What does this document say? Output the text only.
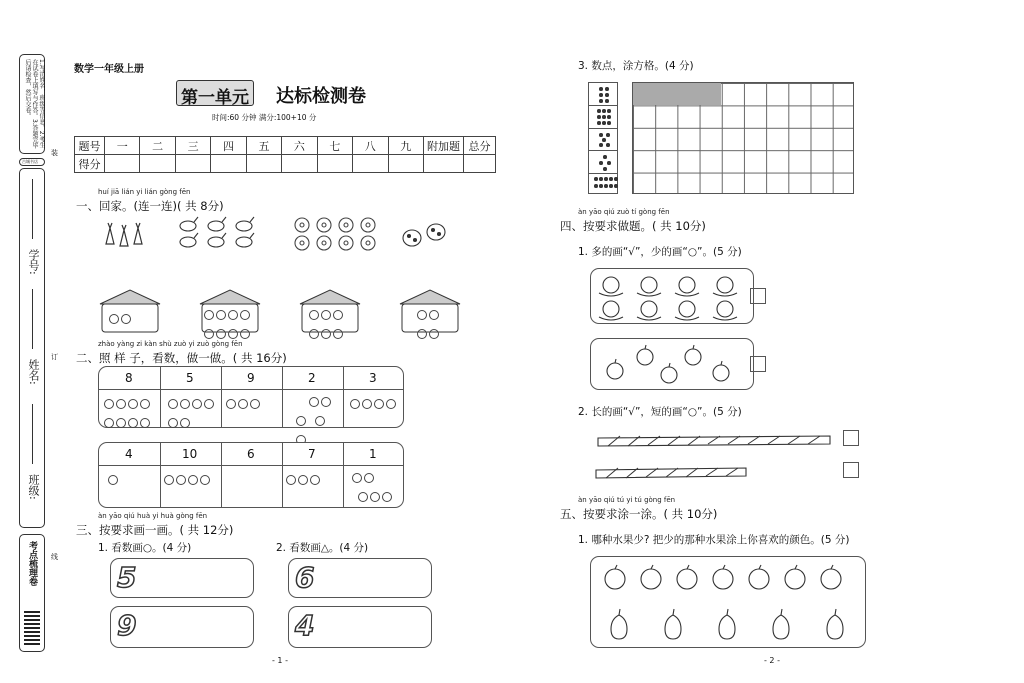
1.写清姓名，班级等信息。2.考生在试卷上填写与作答。3.答题完毕后请检查，然后交卷。
古城书店
学号:
姓名:
班级:
考点梳理卷
装
订
线
数学一年级上册
第一单元 达标检测卷
时间:60 分钟 满分:100+10 分
题号	一	二	三	四	五	六	七	八	九	附加题	总分
得分											
huí jiā lián yi lián gòng fēn
一、回家。(连一连)( 共 8分)

zhào yàng zi kàn shù zuò yi zuò gòng fēn
二、照 样 子，看数，做一做。( 共 16分)
8	5	9	2	3

4	10	6	7	1

àn yāo qiú huà yi huà gòng fēn
三、按要求画一画。( 共 12分)
1. 看数画○。(4 分)	2. 看数画△。(4 分)
5
9
6
4
- 1 -
3. 数点，涂方格。(4 分)
àn yāo qiú zuò tí gòng fēn
四、按要求做题。( 共 10分)
1. 多的画“√”，少的画“○”。(5 分)
2. 长的画“√”，短的画“○”。(5 分)
àn yāo qiú tú yi tú gòng fēn
五、按要求涂一涂。( 共 10分)
1. 哪种水果少? 把少的那种水果涂上你喜欢的颜色。(5 分)
- 2 -
